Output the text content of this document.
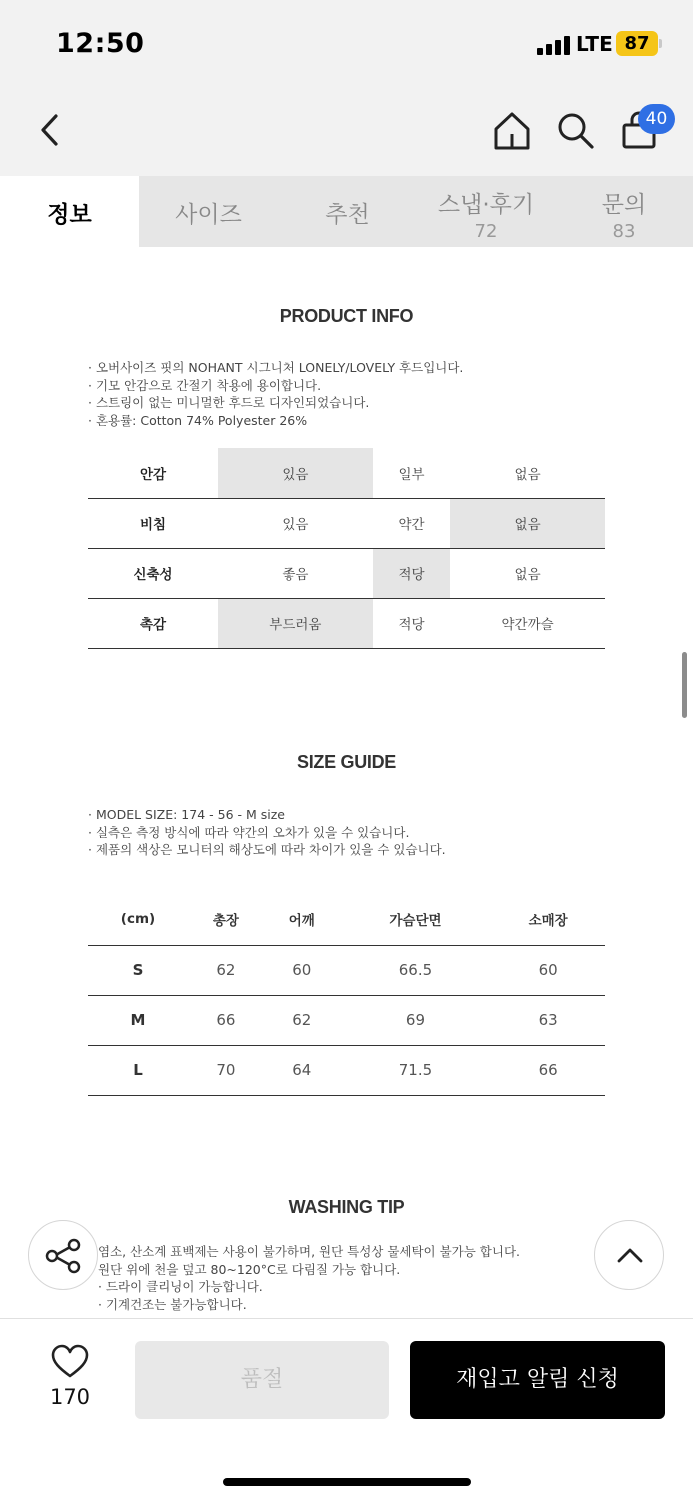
12:50	LTE 87
40
정보	사이즈	추천	스냅·후기
72
문의
83
PRODUCT INFO
· 오버사이즈 핏의 NOHANT 시그니처 LONELY/LOVELY 후드입니다.
· 기모 안감으로 간절기 착용에 용이합니다.
· 스트링이 없는 미니멀한 후드로 디자인되었습니다.
· 혼용률: Cotton 74% Polyester 26%
안감	있음	일부	없음
비침	있음	약간	없음
신축성	좋음	적당	없음
촉감	부드러움	적당	약간까슬
SIZE GUIDE
· MODEL SIZE: 174 - 56 - M size
· 실측은 측정 방식에 따라 약간의 오차가 있을 수 있습니다.
· 제품의 색상은 모니터의 해상도에 따라 차이가 있을 수 있습니다.
(cm)	총장	어깨	가슴단면	소매장
S	62	60	66.5	60
M	66	62	69	63
L	70	64	71.5	66
WASHING TIP
염소, 산소계 표백제는 사용이 불가하며, 원단 특성상 물세탁이 불가능 합니다.
원단 위에 천을 덮고 80~120°C로 다림질 가능 합니다.
· 드라이 클리닝이 가능합니다.
· 기계건조는 불가능합니다.
170
품절	재입고 알림 신청
